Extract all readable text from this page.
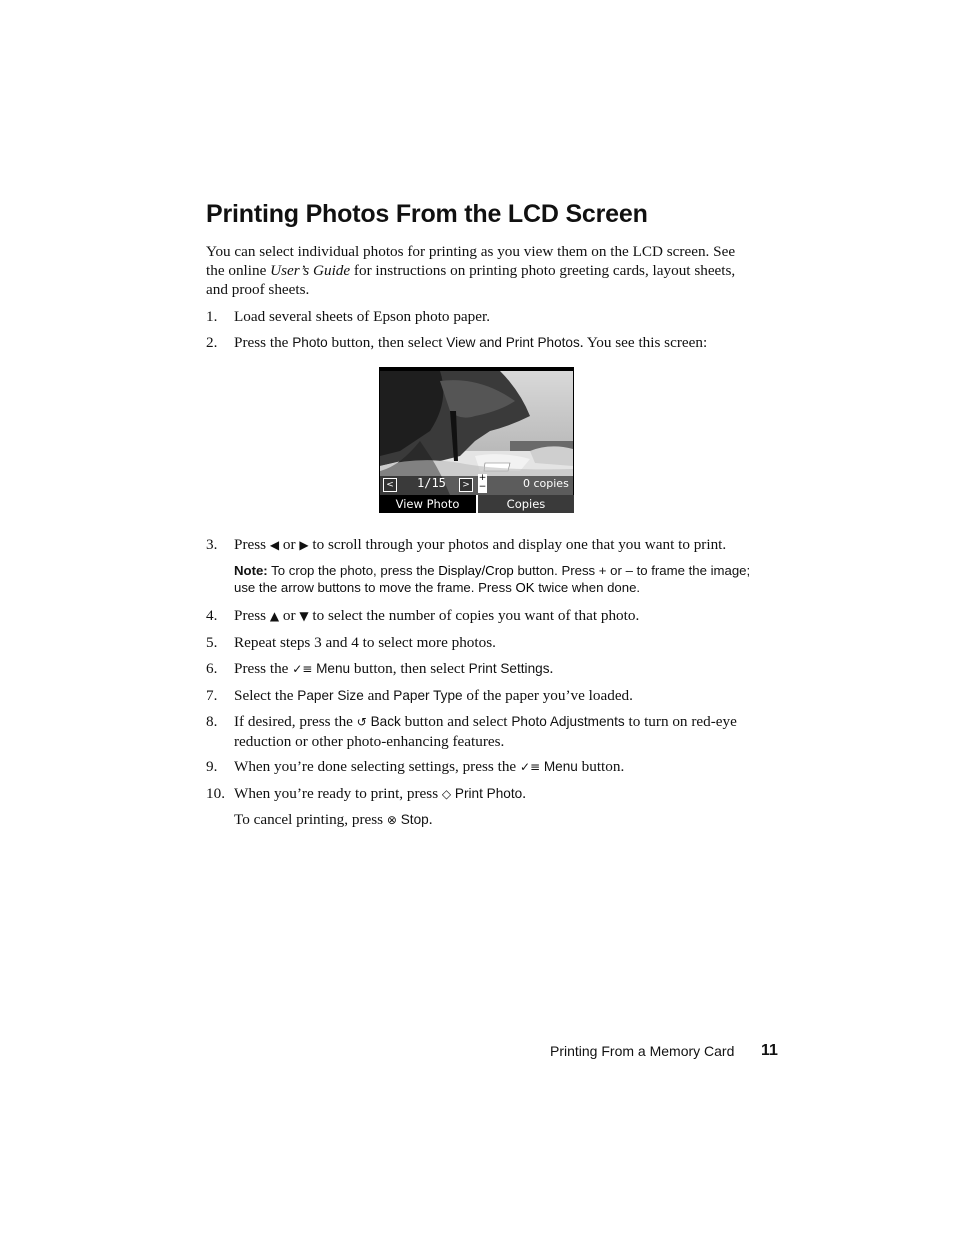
Printing Photos From the LCD Screen

You can select individual photos for printing as you view them on the LCD screen. See the online User’s Guide for instructions on printing photo greeting cards, layout sheets, and proof sheets.

1. Load several sheets of Epson photo paper.
2. Press the Photo button, then select View and Print Photos. You see this screen:
< 1/15	>
+
−	0 copies
View Photo	Copies
3. Press ◀ or ▶ to scroll through your photos and display one that you want to print.
Note: To crop the photo, press the Display/Crop button. Press + or – to frame the image; use the arrow buttons to move the frame. Press OK twice when done.
4. Press ▲ or ▼ to select the number of copies you want of that photo.
5. Repeat steps 3 and 4 to select more photos.
6. Press the ✓≡ Menu button, then select Print Settings.
7. Select the Paper Size and Paper Type of the paper you’ve loaded.
8. If desired, press the ↺ Back button and select Photo Adjustments to turn on red-eye reduction or other photo-enhancing features.
9. When you’re done selecting settings, press the ✓≡ Menu button.
10. When you’re ready to print, press ◇ Print Photo.
To cancel printing, press ⊗ Stop.
Printing From a Memory Card 11
